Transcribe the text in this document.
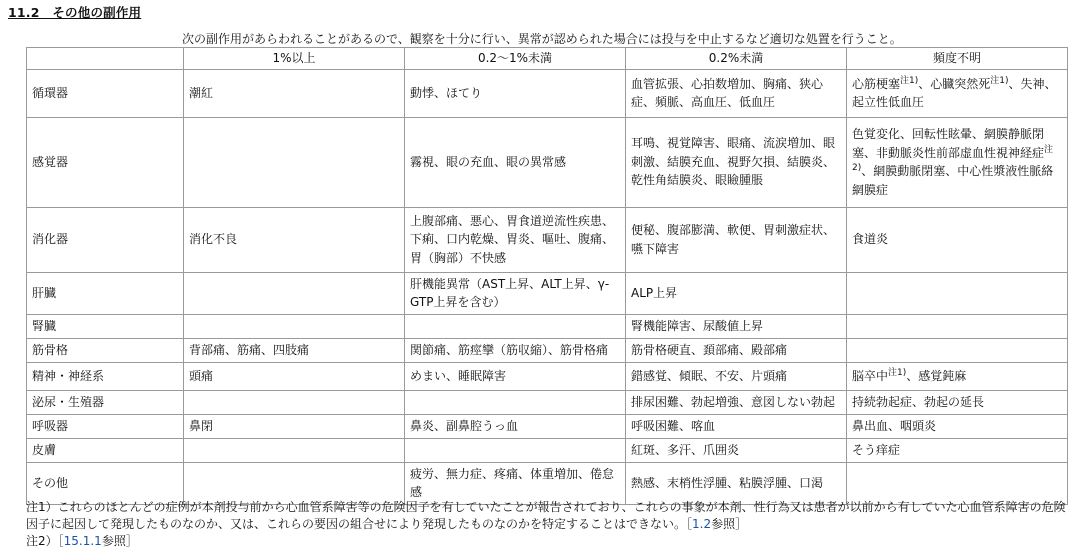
11.2　その他の副作用
次の副作用があらわれることがあるので、観察を十分に行い、異常が認められた場合には投与を中止するなど適切な処置を行うこと。
	1%以上	0.2〜1%未満	0.2%未満	頻度不明
循環器	潮紅	動悸、ほてり	血管拡張、心拍数増加、胸痛、狭心症、頻脈、高血圧、低血圧	心筋梗塞$^{注1)}$、心臓突然死$^{注1)}$、失神、起立性低血圧
感覚器		霧視、眼の充血、眼の異常感	耳鳴、視覚障害、眼痛、流涙増加、眼刺激、結膜充血、視野欠損、結膜炎、乾性角結膜炎、眼瞼腫脹	色覚変化、回転性眩暈、網膜静脈閉塞、非動脈炎性前部虚血性視神経症$^{注2)}$、網膜動脈閉塞、中心性漿液性脈絡網膜症
消化器	消化不良	上腹部痛、悪心、胃食道逆流性疾患、下痢、口内乾燥、胃炎、嘔吐、腹痛、胃（胸部）不快感	便秘、腹部膨満、軟便、胃刺激症状、嚥下障害	食道炎
肝臓		肝機能異常（AST上昇、ALT上昇、γ-GTP上昇を含む）	ALP上昇	
腎臓			腎機能障害、尿酸値上昇	
筋骨格	背部痛、筋痛、四肢痛	関節痛、筋痙攣（筋収縮）、筋骨格痛	筋骨格硬直、頚部痛、殿部痛	
精神・神経系	頭痛	めまい、睡眠障害	錯感覚、傾眠、不安、片頭痛	脳卒中$^{注1)}$、感覚鈍麻
泌尿・生殖器			排尿困難、勃起増強、意図しない勃起	持続勃起症、勃起の延長
呼吸器	鼻閉	鼻炎、副鼻腔うっ血	呼吸困難、喀血	鼻出血、咽頭炎
皮膚			紅斑、多汗、爪囲炎	そう痒症
その他		疲労、無力症、疼痛、体重増加、倦怠感	熱感、末梢性浮腫、粘膜浮腫、口渇	

注1）これらのほとんどの症例が本剤投与前から心血管系障害等の危険因子を有していたことが報告されており、これらの事象が本剤、性行為又は患者が以前から有していた心血管系障害の危険因子に起因して発現したものなのか、又は、これらの要因の組合せにより発現したものなのかを特定することはできない。［1.2参照］

注2）［15.1.1参照］
